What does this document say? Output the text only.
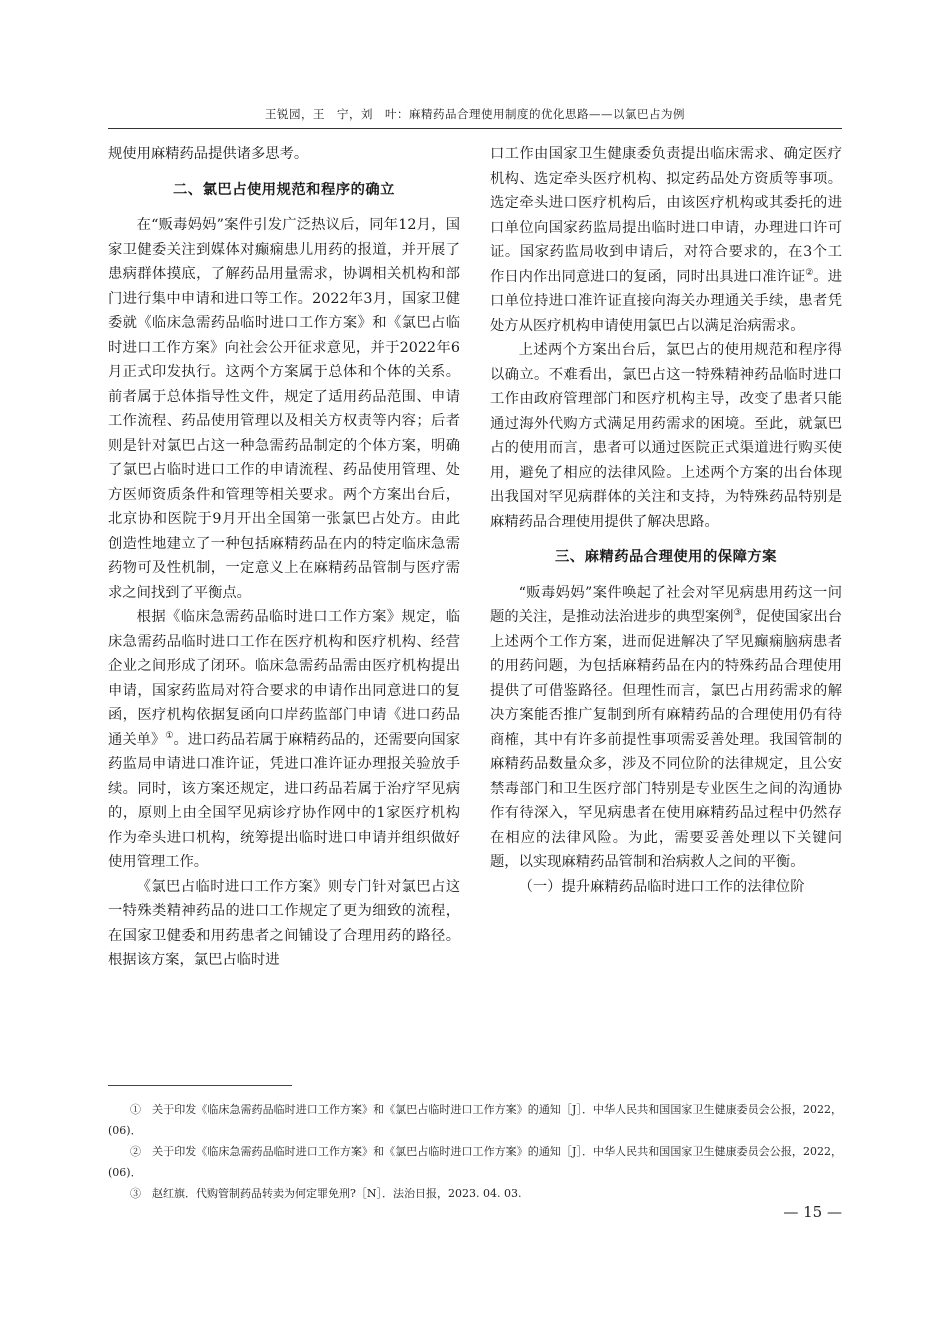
王锐园，王　宁，刘　叶：麻精药品合理使用制度的优化思路——以氯巴占为例

规使用麻精药品提供诸多思考。

二、氯巴占使用规范和程序的确立

在“贩毒妈妈”案件引发广泛热议后，同年12月，国家卫健委关注到媒体对癫痫患儿用药的报道，并开展了患病群体摸底，了解药品用量需求，协调相关机构和部门进行集中申请和进口等工作。2022年3月，国家卫健委就《临床急需药品临时进口工作方案》和《氯巴占临时进口工作方案》向社会公开征求意见，并于2022年6月正式印发执行。这两个方案属于总体和个体的关系。前者属于总体指导性文件，规定了适用药品范围、申请工作流程、药品使用管理以及相关方权责等内容；后者则是针对氯巴占这一种急需药品制定的个体方案，明确了氯巴占临时进口工作的申请流程、药品使用管理、处方医师资质条件和管理等相关要求。两个方案出台后，北京协和医院于9月开出全国第一张氯巴占处方。由此创造性地建立了一种包括麻精药品在内的特定临床急需药物可及性机制，一定意义上在麻精药品管制与医疗需求之间找到了平衡点。

根据《临床急需药品临时进口工作方案》规定，临床急需药品临时进口工作在医疗机构和医疗机构、经营企业之间形成了闭环。临床急需药品需由医疗机构提出申请，国家药监局对符合要求的申请作出同意进口的复函，医疗机构依据复函向口岸药监部门申请《进口药品通关单》①。进口药品若属于麻精药品的，还需要向国家药监局申请进口准许证，凭进口准许证办理报关验放手续。同时，该方案还规定，进口药品若属于治疗罕见病的，原则上由全国罕见病诊疗协作网中的1家医疗机构作为牵头进口机构，统筹提出临时进口申请并组织做好使用管理工作。

《氯巴占临时进口工作方案》则专门针对氯巴占这一特殊类精神药品的进口工作规定了更为细致的流程，在国家卫健委和用药患者之间铺设了合理用药的路径。根据该方案，氯巴占临时进

口工作由国家卫生健康委负责提出临床需求、确定医疗机构、选定牵头医疗机构、拟定药品处方资质等事项。选定牵头进口医疗机构后，由该医疗机构或其委托的进口单位向国家药监局提出临时进口申请，办理进口许可证。国家药监局收到申请后，对符合要求的，在3个工作日内作出同意进口的复函，同时出具进口准许证②。进口单位持进口准许证直接向海关办理通关手续，患者凭处方从医疗机构申请使用氯巴占以满足治病需求。

上述两个方案出台后，氯巴占的使用规范和程序得以确立。不难看出，氯巴占这一特殊精神药品临时进口工作由政府管理部门和医疗机构主导，改变了患者只能通过海外代购方式满足用药需求的困境。至此，就氯巴占的使用而言，患者可以通过医院正式渠道进行购买使用，避免了相应的法律风险。上述两个方案的出台体现出我国对罕见病群体的关注和支持，为特殊药品特别是麻精药品合理使用提供了解决思路。

三、麻精药品合理使用的保障方案

“贩毒妈妈”案件唤起了社会对罕见病患用药这一问题的关注，是推动法治进步的典型案例③，促使国家出台上述两个工作方案，进而促进解决了罕见癫痫脑病患者的用药问题，为包括麻精药品在内的特殊药品合理使用提供了可借鉴路径。但理性而言，氯巴占用药需求的解决方案能否推广复制到所有麻精药品的合理使用仍有待商榷，其中有许多前提性事项需妥善处理。我国管制的麻精药品数量众多，涉及不同位阶的法律规定，且公安禁毒部门和卫生医疗部门特别是专业医生之间的沟通协作有待深入，罕见病患者在使用麻精药品过程中仍然存在相应的法律风险。为此，需要妥善处理以下关键问题，以实现麻精药品管制和治病救人之间的平衡。

（一）提升麻精药品临时进口工作的法律位阶

①　关于印发《临床急需药品临时进口工作方案》和《氯巴占临时进口工作方案》的通知［J］．中华人民共和国国家卫生健康委员会公报，2022，(06)．

②　关于印发《临床急需药品临时进口工作方案》和《氯巴占临时进口工作方案》的通知［J］．中华人民共和国国家卫生健康委员会公报，2022，(06)．

③　赵红旗．代购管制药品转卖为何定罪免刑?［N］．法治日报，2023. 04. 03.

— 15 —
